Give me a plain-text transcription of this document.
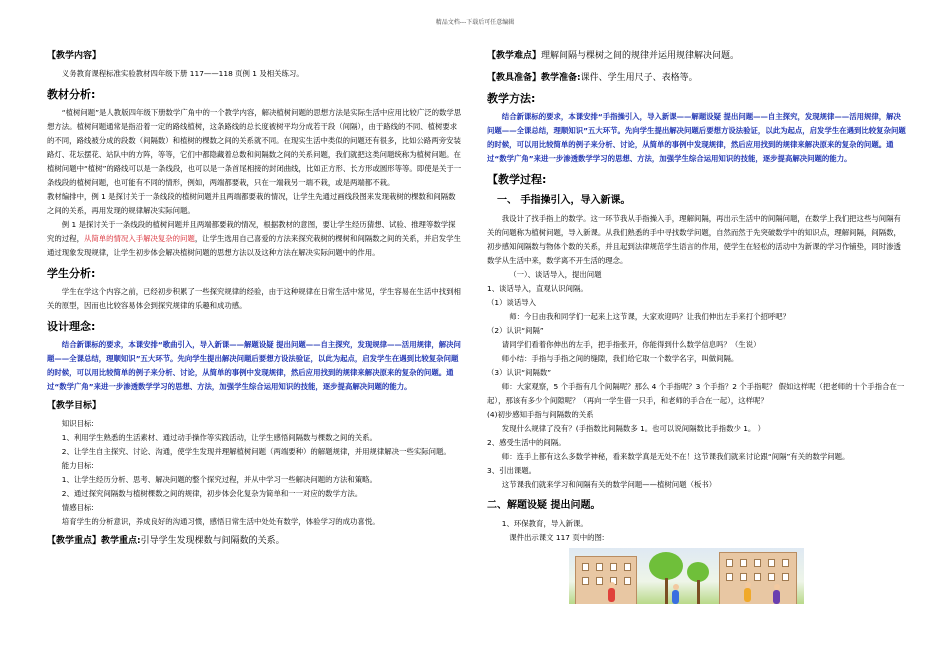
精品文档---下载后可任意编辑
【教学内容】

义务教育课程标准实验教材四年级下册 117——118 页例 1 及相关练习。

教材分析:

“植树问题”是人教版四年级下册数学广角中的一个教学内容，解决植树问题的思想方法是实际生活中应用比较广泛的数学思想方法。植树问题通常是指沿着一定的路线植树，这条路线的总长度被树平均分成若干段（间隔），由于路线的不同、植树要求的不同，路线被分成的段数（间隔数）和植树的棵数之间的关系就不同。在现实生活中类似的问题还有很多，比如公路两旁安装路灯、花坛摆花、站队中的方阵，等等，它们中都隐藏着总数和间隔数之间的关系问题，我们就把这类问题统称为植树问题。在植树问题中“植树”的路线可以是一条线段，也可以是一条首尾相接的封闭曲线，比如正方形、长方形或圆形等等。即使是关于一条线段的植树问题，也可能有不同的情形，例如，两端都要栽，只在一端栽另一端不栽，或是两端都不栽。

教材编排中，例 1 是探讨关于一条线段的植树问题并且两端都要栽的情况，让学生先通过画线段图来发现栽树的棵数和间隔数之间的关系，再用发现的规律解决实际问题。

例 1 是探讨关于一条线段的植树问题并且两端都要栽的情况，根据教材的意图，要让学生经历猜想、试验、推理等数学探究的过程，从简单的情况入手解决复杂的问题，让学生选用自己喜爱的方法来探究栽树的棵树和间隔数之间的关系，并启发学生通过现象发现规律，让学生初步体会解决植树问题的思想方法以及这种方法在解决实际问题中的作用。

学生分析:

学生在学这个内容之前，已经初步积累了一些探究规律的经验，由于这种规律在日常生活中常见，学生容易在生活中找到相关的原型，因而也比较容易体会到探究规律的乐趣和成功感。

设计理念:

结合新课标的要求，本课安排“歌曲引入，导入新课——解题设疑 提出问题——自主探究，发现规律——活用规律，解决问题——全课总结，理顺知识”五大环节。先向学生提出解决问题后要想方设法验证，以此为起点，启发学生在遇到比较复杂问题的时候，可以用比较简单的例子来分析、讨论，从简单的事例中发现规律，然后应用找到的规律来解决原来的复杂的问题。通过“数学广角”来进一步渗透数学学习的思想、方法，加强学生综合运用知识的技能，逐步提高解决问题的能力。

【教学目标】

知识目标:

1、利用学生熟悉的生活素材、通过动手操作等实践活动，让学生感悟间隔数与棵数之间的关系。

2、让学生自主探究、讨论、沟通，使学生发现并理解植树问题（两端要种）的解题规律，并用规律解决一些实际问题。

能力目标:

1、让学生经历分析、思考、解决问题的整个探究过程，并从中学习一些解决问题的方法和策略。

2、通过探究间隔数与植树棵数之间的规律，初步体会化复杂为简单和一一对应的数学方法。

情感目标:

培育学生的分析意识，养成良好的沟通习惯，感悟日常生活中处处有数学，体验学习的成功喜悦。

【教学重点】教学重点:引导学生发现棵数与间隔数的关系。
【教学难点】理解间隔与棵树之间的规律并运用规律解决问题。
【教具准备】教学准备:课件、学生用尺子、表格等。
教学方法:

结合新课标的要求，本课安排“手指操引入，导入新课——解题设疑 提出问题——自主探究，发现规律——活用规律，解决问题——全课总结，理顺知识”五大环节。先向学生提出解决问题后要想方设法验证，以此为起点，启发学生在遇到比较复杂问题的时候，可以用比较简单的例子来分析、讨论，从简单的事例中发现规律，然后应用找到的规律来解决原来的复杂的问题。通过“数学广角”来进一步渗透数学学习的思想、方法，加强学生综合运用知识的技能，逐步提高解决问题的能力。

【教学过程:
一、 手指操引入，导入新课。

我设计了找手指上的数学。这一环节我从手指操入手，理解间隔，再出示生活中的间隔问题，在数学上我们把这些与间隔有关的问题称为植树问题，导入新课。从我们熟悉的手中寻找数学问题，自然而然于先突破数学中的知识点，理解间隔，间隔数，初步感知间隔数与物体个数的关系，并且起到法律规范学生语言的作用，使学生在轻松的活动中为新课的学习作铺垫，同时渗透数学从生活中来，数学离不开生活的理念。

（一）、谈话导入，提出问题

1、谈话导入，直观认识间隔。

（1）谈话导入

师：今日由我和同学们一起来上这节课，大家欢迎吗？让我们伸出左手来打个招呼吧？

（2）认识“间隔”

请同学们看着你伸出的左手，把手指张开，你能得到什么数学信息吗？（生说）

师小结：手指与手指之间的缝隙，我们给它取一个数学名字，叫做间隔。

（3）认识“间隔数”

师：大家观察，5 个手指有几个间隔呢？那么 4 个手指呢？3 个手指？2 个手指呢？ 假如这样呢（把老师的十个手指合在一起），那该有多少个间隙呢？（再向一学生借一只手，和老师的手合在一起），这样呢？

(4)初步感知手指与间隔数的关系

发现什么规律了没有？(手指数比间隔数多 1。也可以说间隔数比手指数少 1。 ）

2、感受生活中的间隔。

师：连手上都有这么多数学神秘，看来数学真是无处不在！这节课我们就来讨论跟“间隔”有关的数学问题。

3、引出课题。

这节课我们就来学习和间隔有关的数学问题——植树问题（板书）

二、解题设疑 提出问题。

1、环保教育，导入新课。

课件出示课文 117 页中的图:
